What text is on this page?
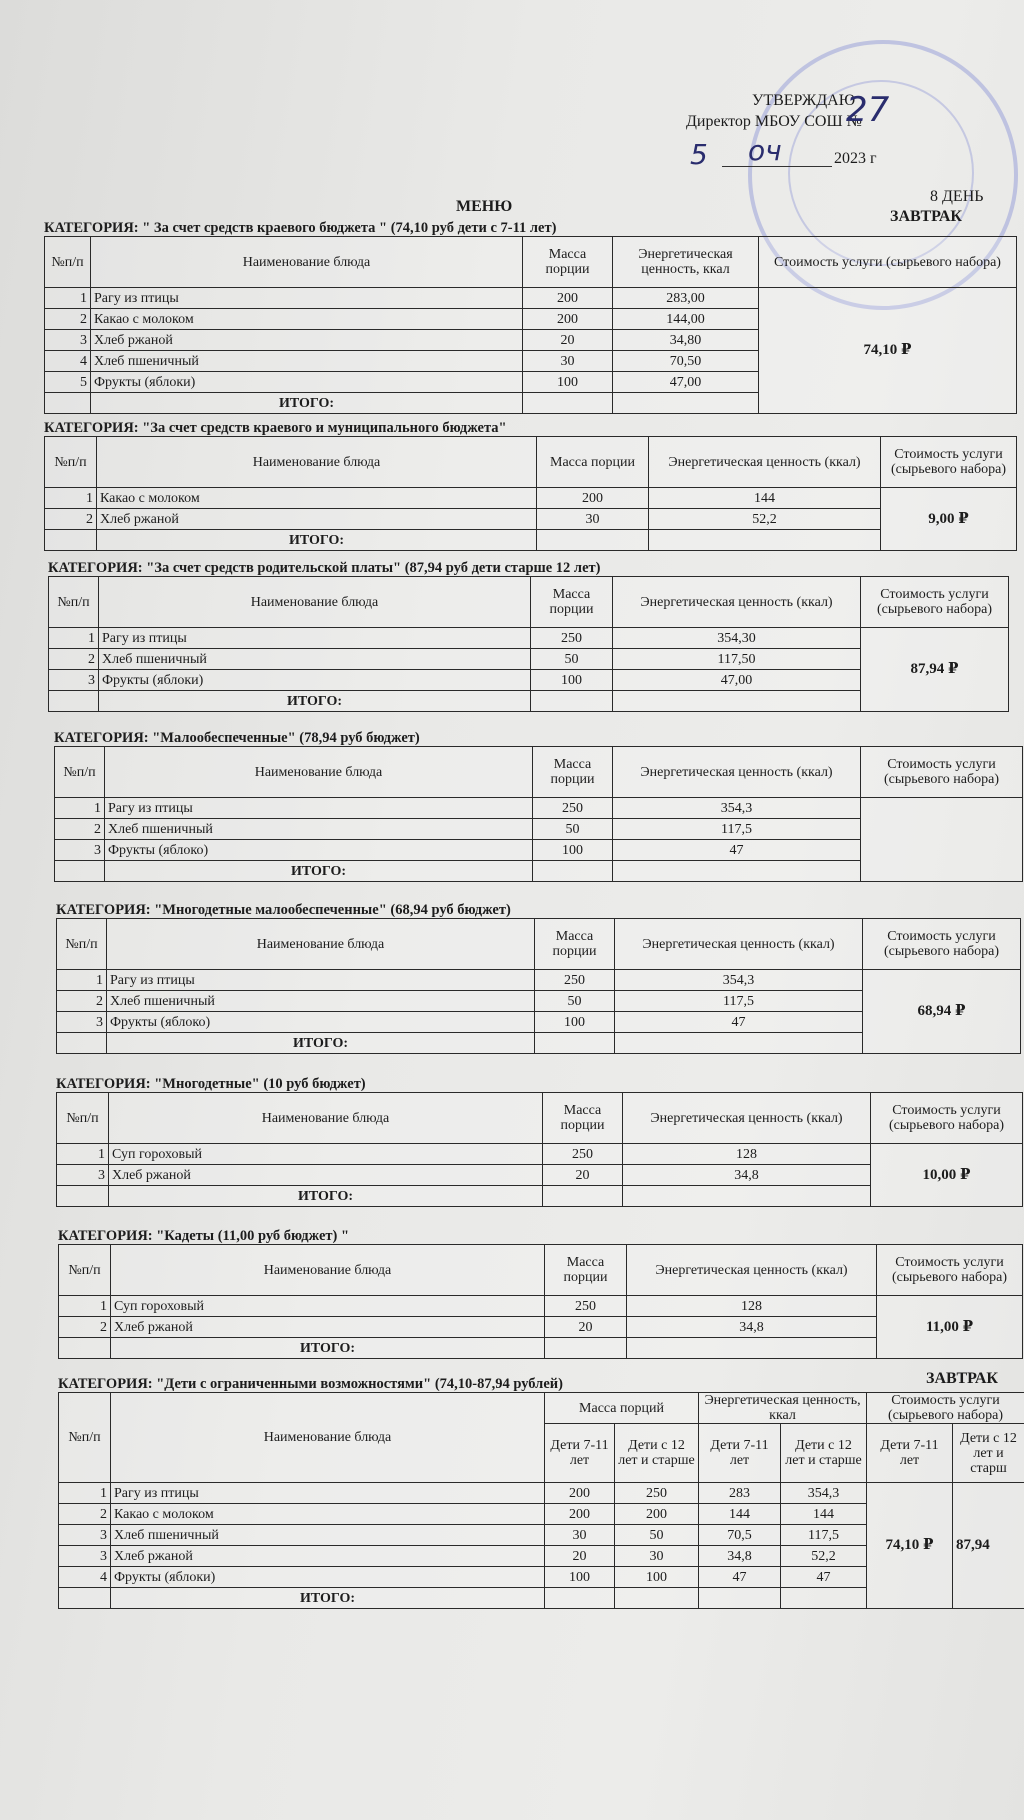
УТВЕРЖДАЮ
Директор МБОУ СОШ №
27
5 оч	2023 г
МЕНЮ
8 ДЕНЬ
ЗАВТРАК
КАТЕГОРИЯ: " За счет средств краевого бюджета " (74,10 руб дети с 7-11 лет)
№п/п	Наименование блюда	Масса порции	Энергетическая ценность, ккал	Стоимость услуги (сырьевого набора)
1	Рагу из птицы	200	283,00	74,10 ₽
2	Какао с молоком	200	144,00	
3	Хлеб ржаной	20	34,80	
4	Хлеб пшеничный	30	70,50	
5	Фрукты (яблоки)	100	47,00	
	ИТОГО:			
КАТЕГОРИЯ: "За счет средств краевого и муниципального бюджета"
№п/п	Наименование блюда	Масса порции	Энергетическая ценность (ккал)	Стоимость услуги (сырьевого набора)
1	Какао с молоком	200	144	9,00 ₽
2	Хлеб ржаной	30	52,2	
	ИТОГО:			
КАТЕГОРИЯ: "За счет средств родительской платы" (87,94 руб дети старше 12 лет)
№п/п	Наименование блюда	Масса порции	Энергетическая ценность (ккал)	Стоимость услуги (сырьевого набора)
1	Рагу из птицы	250	354,30	87,94 ₽
2	Хлеб пшеничный	50	117,50	
3	Фрукты (яблоки)	100	47,00	
	ИТОГО:			
КАТЕГОРИЯ: "Малообеспеченные" (78,94 руб бюджет)
№п/п	Наименование блюда	Масса порции	Энергетическая ценность (ккал)	Стоимость услуги (сырьевого набора)
1	Рагу из птицы	250	354,3	
2	Хлеб пшеничный	50	117,5	
3	Фрукты (яблоко)	100	47	
	ИТОГО:			
КАТЕГОРИЯ: "Многодетные малообеспеченные" (68,94 руб бюджет)
№п/п	Наименование блюда	Масса порции	Энергетическая ценность (ккал)	Стоимость услуги (сырьевого набора)
1	Рагу из птицы	250	354,3	68,94 ₽
2	Хлеб пшеничный	50	117,5	
3	Фрукты (яблоко)	100	47	
	ИТОГО:			
КАТЕГОРИЯ: "Многодетные" (10 руб бюджет)
№п/п	Наименование блюда	Масса порции	Энергетическая ценность (ккал)	Стоимость услуги (сырьевого набора)
1	Суп гороховый	250	128	10,00 ₽
3	Хлеб ржаной	20	34,8	
	ИТОГО:			
КАТЕГОРИЯ: "Кадеты (11,00 руб бюджет) "
№п/п	Наименование блюда	Масса порции	Энергетическая ценность (ккал)	Стоимость услуги (сырьевого набора)
1	Суп гороховый	250	128	11,00 ₽
2	Хлеб ржаной	20	34,8	
	ИТОГО:			
КАТЕГОРИЯ: "Дети с ограниченными возможностями" (74,10-87,94 рублей)	ЗАВТРАК
№п/п	Наименование блюда	Масса порций		Энергетическая ценность, ккал		Стоимость услуги (сырьевого набора)	
		Дети 7-11 лет	Дети с 12 лет и старше	Дети 7-11 лет	Дети с 12 лет и старше	Дети 7-11 лет	Дети с 12 лет и старш
1	Рагу из птицы	200	250	283	354,3	74,10 ₽	87,94
2	Какао с молоком	200	200	144	144		
3	Хлеб пшеничный	30	50	70,5	117,5		
3	Хлеб ржаной	20	30	34,8	52,2		
4	Фрукты (яблоки)	100	100	47	47		
	ИТОГО:						
